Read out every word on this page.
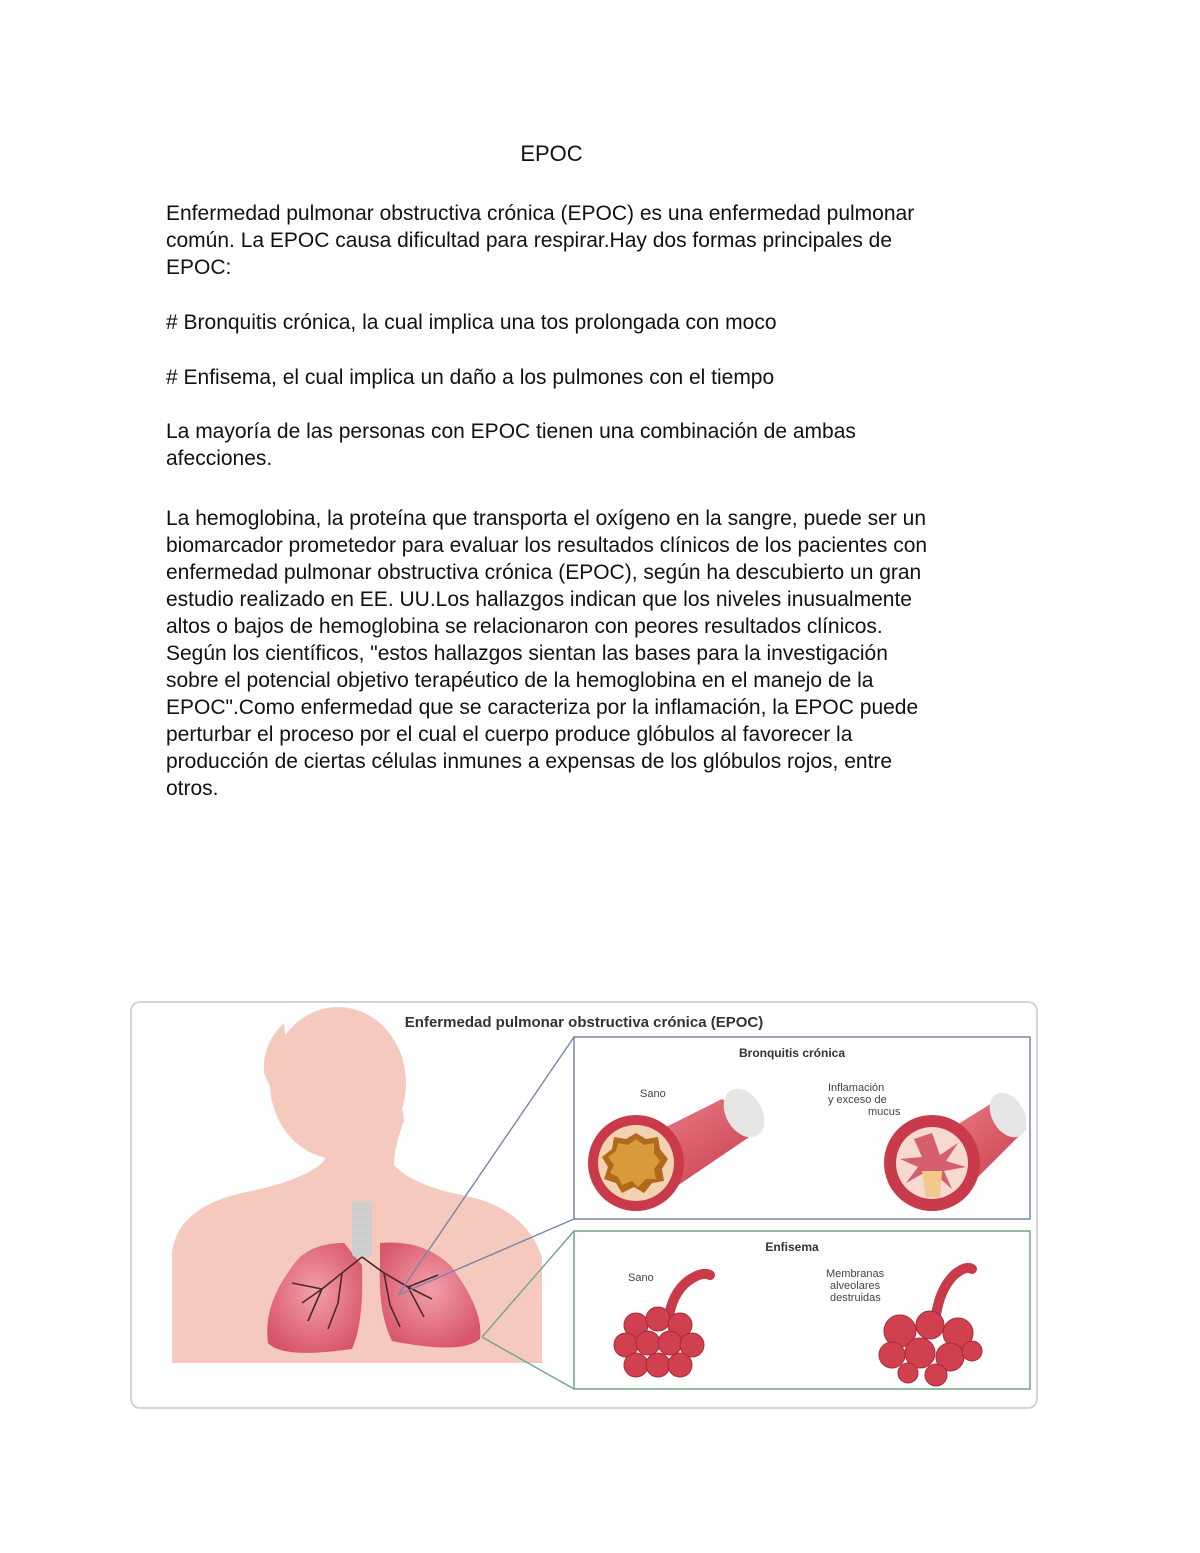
EPOC
Enfermedad pulmonar obstructiva crónica (EPOC) es una enfermedad pulmonar
común. La EPOC causa dificultad para respirar.Hay dos formas principales de
EPOC:
# Bronquitis crónica, la cual implica una tos prolongada con moco
# Enfisema, el cual implica un daño a los pulmones con el tiempo
La mayoría de las personas con EPOC tienen una combinación de ambas
afecciones.
La hemoglobina, la proteína que transporta el oxígeno en la sangre, puede ser un
biomarcador prometedor para evaluar los resultados clínicos de los pacientes con
enfermedad pulmonar obstructiva crónica (EPOC), según ha descubierto un gran
estudio realizado en EE. UU.Los hallazgos indican que los niveles inusualmente
altos o bajos de hemoglobina se relacionaron con peores resultados clínicos.
Según los científicos, "estos hallazgos sientan las bases para la investigación
sobre el potencial objetivo terapéutico de la hemoglobina en el manejo de la
EPOC".Como enfermedad que se caracteriza por la inflamación, la EPOC puede
perturbar el proceso por el cual el cuerpo produce glóbulos al favorecer la
producción de ciertas células inmunes a expensas de los glóbulos rojos, entre
otros.
Enfermedad pulmonar obstructiva crónica (EPOC)
Bronquitis crónica
Sano	Inflamación
y exceso de
mucus
Enfisema
Sano	Membranas
alveolares
destruidas
